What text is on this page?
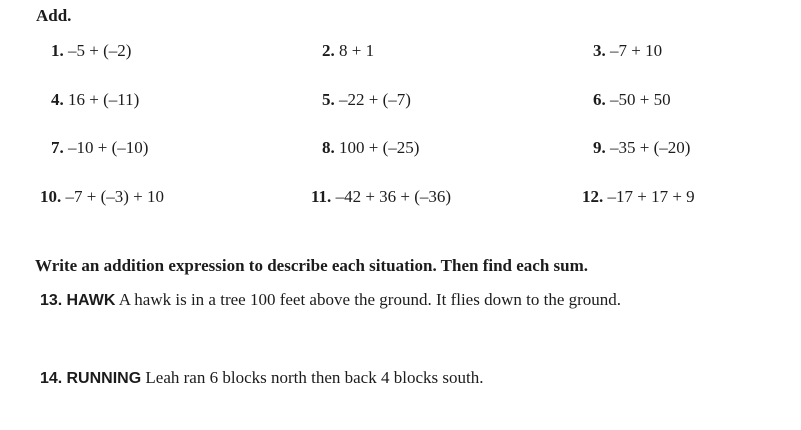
Add.
1. –5 + (–2)	2. 8 + 1	3. –7 + 10
4. 16 + (–11)	5. –22 + (–7)	6. –50 + 50
7. –10 + (–10)	8. 100 + (–25)	9. –35 + (–20)
10. –7 + (–3) + 10	11. –42 + 36 + (–36)	12. –17 + 17 + 9
Write an addition expression to describe each situation. Then find each sum.
13. HAWK A hawk is in a tree 100 feet above the ground. It flies down to the ground.
14. RUNNING Leah ran 6 blocks north then back 4 blocks south.
